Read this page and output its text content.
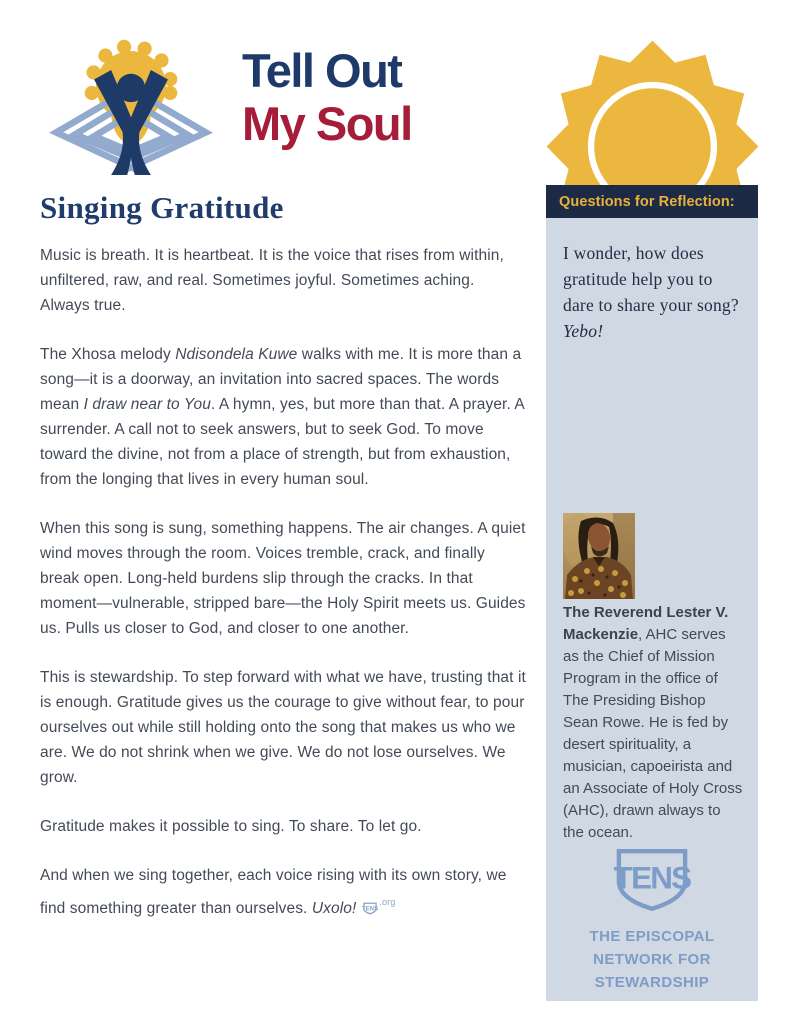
Tell Out
My Soul
Singing Gratitude

Music is breath. It is heartbeat. It is the voice that rises from within, unfiltered, raw, and real. Sometimes joyful. Sometimes aching. Always true.

The Xhosa melody Ndisondela Kuwe walks with me. It is more than a song—it is a doorway, an invitation into sacred spaces. The words mean I draw near to You. A hymn, yes, but more than that. A prayer. A surrender. A call not to seek answers, but to seek God. To move toward the divine, not from a place of strength, but from exhaustion, from the longing that lives in every human soul.

When this song is sung, something happens. The air changes. A quiet wind moves through the room. Voices tremble, crack, and finally break open. Long-held burdens slip through the cracks. In that moment—vulnerable, stripped bare—the Holy Spirit meets us. Guides us. Pulls us closer to God, and closer to one another.

This is stewardship. To step forward with what we have, trusting that it is enough. Gratitude gives us the courage to give without fear, to pour ourselves out while still holding onto the song that makes us who we are. We do not shrink when we give. We do not lose ourselves. We grow.

Gratitude makes it possible to sing. To share. To let go.

And when we sing together, each voice rising with its own story, we find something greater than ourselves. Uxolo! TENS
.org

Questions for Reflection:
I wonder, how does gratitude help you to dare to share your song? Yebo!
The Reverend Lester V. Mackenzie, AHC serves as the Chief of Mission Program in the office of The Presiding Bishop Sean Rowe. He is fed by desert spirituality, a musician, capoeirista and an Associate of Holy Cross (AHC), drawn always to the ocean.
TENS
THE EPISCOPAL
NETWORK FOR
STEWARDSHIP
